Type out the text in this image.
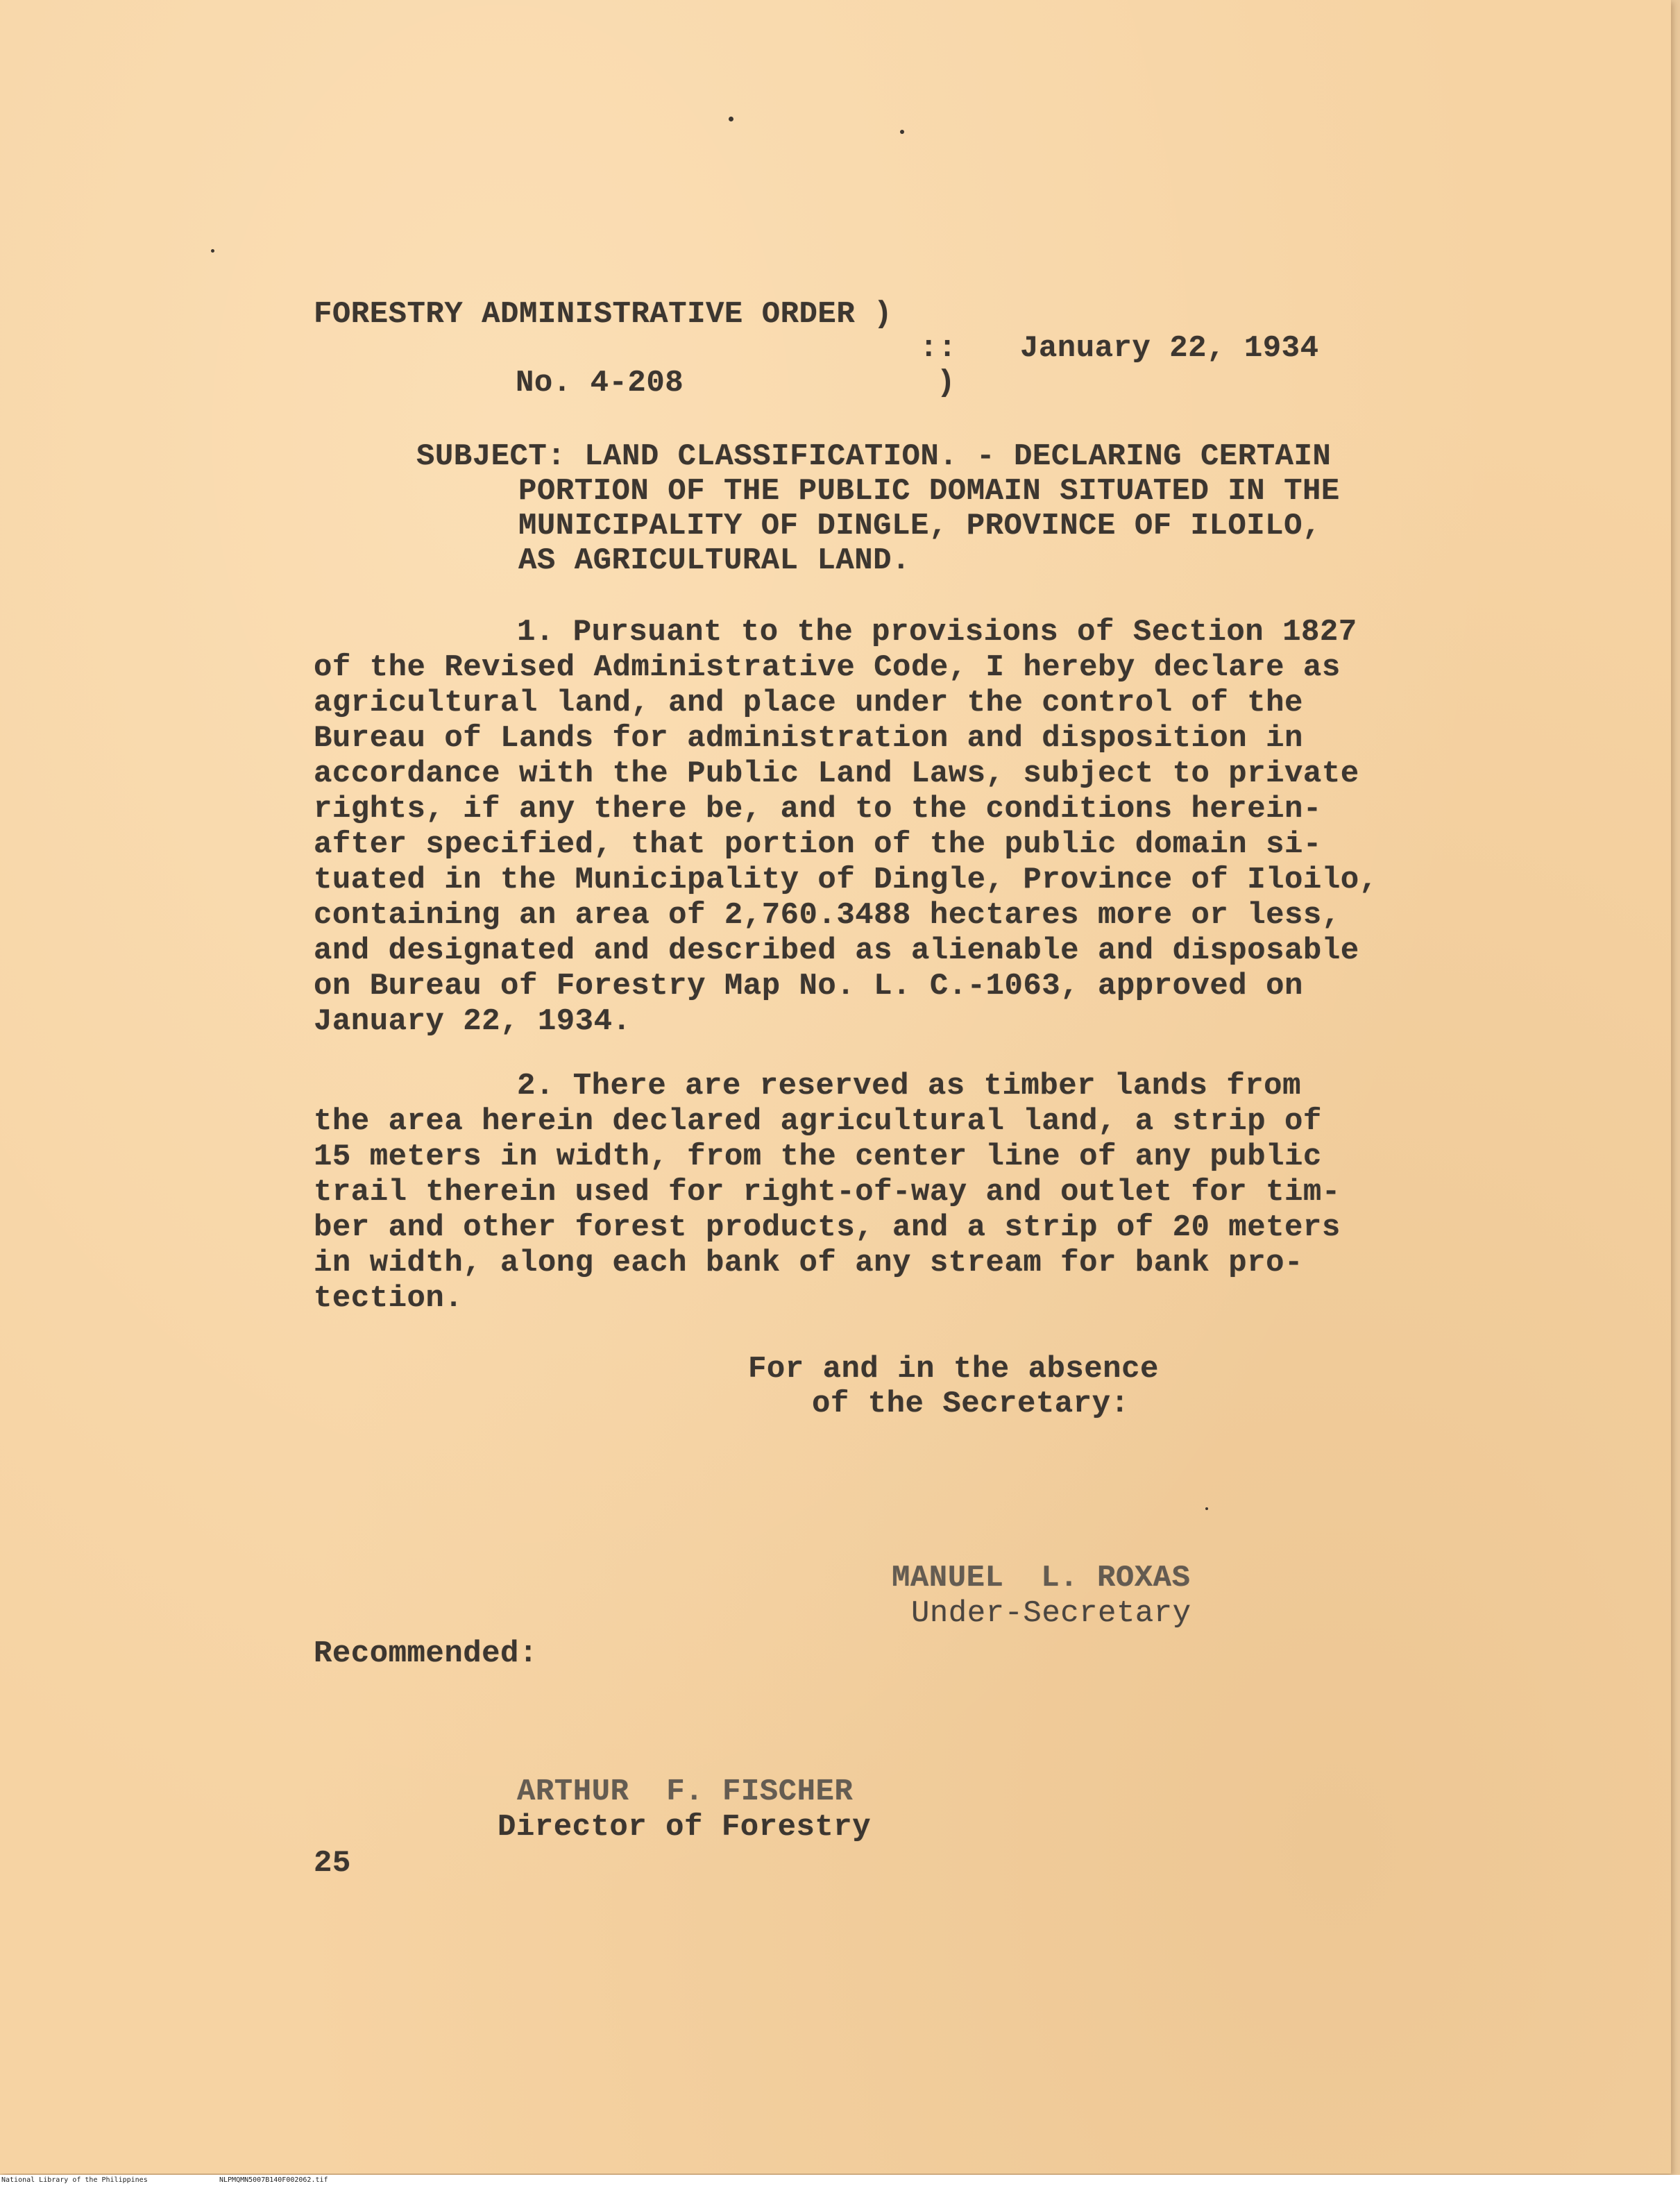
FORESTRY ADMINISTRATIVE ORDER )
:: January 22, 1934
No. 4-208	)
SUBJECT: LAND CLASSIFICATION. - DECLARING CERTAIN
PORTION OF THE PUBLIC DOMAIN SITUATED IN THE
MUNICIPALITY OF DINGLE, PROVINCE OF ILOILO,
AS AGRICULTURAL LAND.
1. Pursuant to the provisions of Section 1827
of the Revised Administrative Code, I hereby declare as
agricultural land, and place under the control of the
Bureau of Lands for administration and disposition in
accordance with the Public Land Laws, subject to private
rights, if any there be, and to the conditions herein-
after specified, that portion of the public domain si-
tuated in the Municipality of Dingle, Province of Iloilo,
containing an area of 2,760.3488 hectares more or less,
and designated and described as alienable and disposable
on Bureau of Forestry Map No. L. C.-1063, approved on
January 22, 1934.
2. There are reserved as timber lands from
the area herein declared agricultural land, a strip of
15 meters in width, from the center line of any public
trail therein used for right-of-way and outlet for tim-
ber and other forest products, and a strip of 20 meters
in width, along each bank of any stream for bank pro-
tection.
For and in the absence
of the Secretary:
MANUEL  L. ROXAS
Under-Secretary
Recommended:
ARTHUR  F. FISCHER
Director of Forestry
25
National Library of the Philippines	NLPMQMN5007B140F002062.tif
